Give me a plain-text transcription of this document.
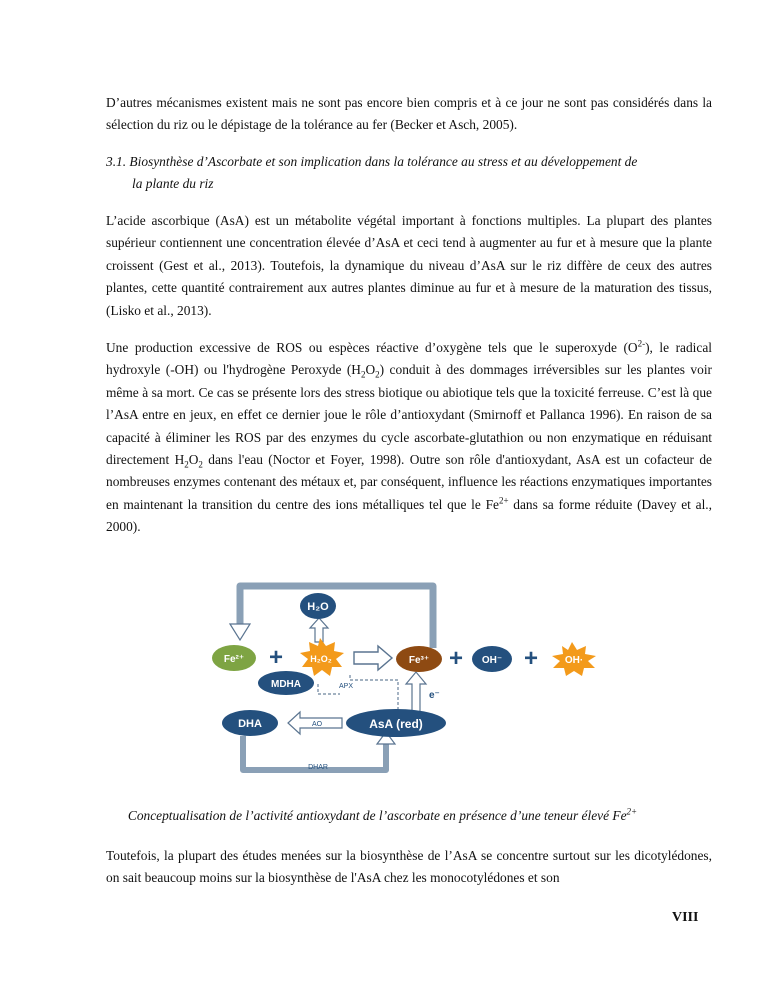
D’autres mécanismes existent mais ne sont pas encore bien compris et à ce jour ne sont pas considérés dans la sélection du riz ou le dépistage de la tolérance au fer (Becker et Asch, 2005).

3.1. Biosynthèse d’Ascorbate et son implication dans la tolérance au stress et au développement de
la plante du riz

L’acide ascorbique (AsA) est un métabolite végétal important à fonctions multiples. La plupart des plantes supérieur contiennent une concentration élevée d’AsA et ceci tend à augmenter au fur et à mesure que la plante croissent (Gest et al., 2013). Toutefois, la dynamique du niveau d’AsA sur le riz diffère de ceux des autres plantes, cette quantité contrairement aux autres plantes diminue au fur et à mesure de la maturation des tissus, (Lisko et al., 2013).

Une production excessive de ROS ou espèces réactive d’oxygène tels que le superoxyde $(O^{2-})$, le radical hydroxyle (-OH) ou l'hydrogène Peroxyde $(H_2O_2)$ conduit à des dommages irréversibles sur les plantes voir même à sa mort. Ce cas se présente lors des stress biotique ou abiotique tels que la toxicité ferreuse. C’est là que l’AsA entre en jeux, en effet ce dernier joue le rôle d’antioxydant (Smirnoff et Pallanca 1996). En raison de sa capacité à éliminer les ROS par des enzymes du cycle ascorbate-glutathion ou non enzymatique en réduisant directement $H_2O_2$ dans l'eau (Noctor et Foyer, 1998). Outre son rôle d'antioxydant, AsA est un cofacteur de nombreuses enzymes contenant des métaux et, par conséquent, influence les réactions enzymatiques importantes en maintenant la transition du centre des ions métalliques tel que le $Fe^{2+}$ dans sa forme réduite (Davey et al., 2000).

H₂O
Fe²⁺ +	H₂O₂	Fe³⁺ + OH⁻ +	OH·
MDHA	APX
e⁻
DHA	AO	AsA (red)
DHAR

Conceptualisation de l’activité antioxydant de l’ascorbate en présence d’une teneur élevé $Fe^{2+}$

Toutefois, la plupart des études menées sur la biosynthèse de l’AsA se concentre surtout sur les dicotylédones, on sait beaucoup moins sur la biosynthèse de l'AsA chez les monocotylédones et son

VIII
